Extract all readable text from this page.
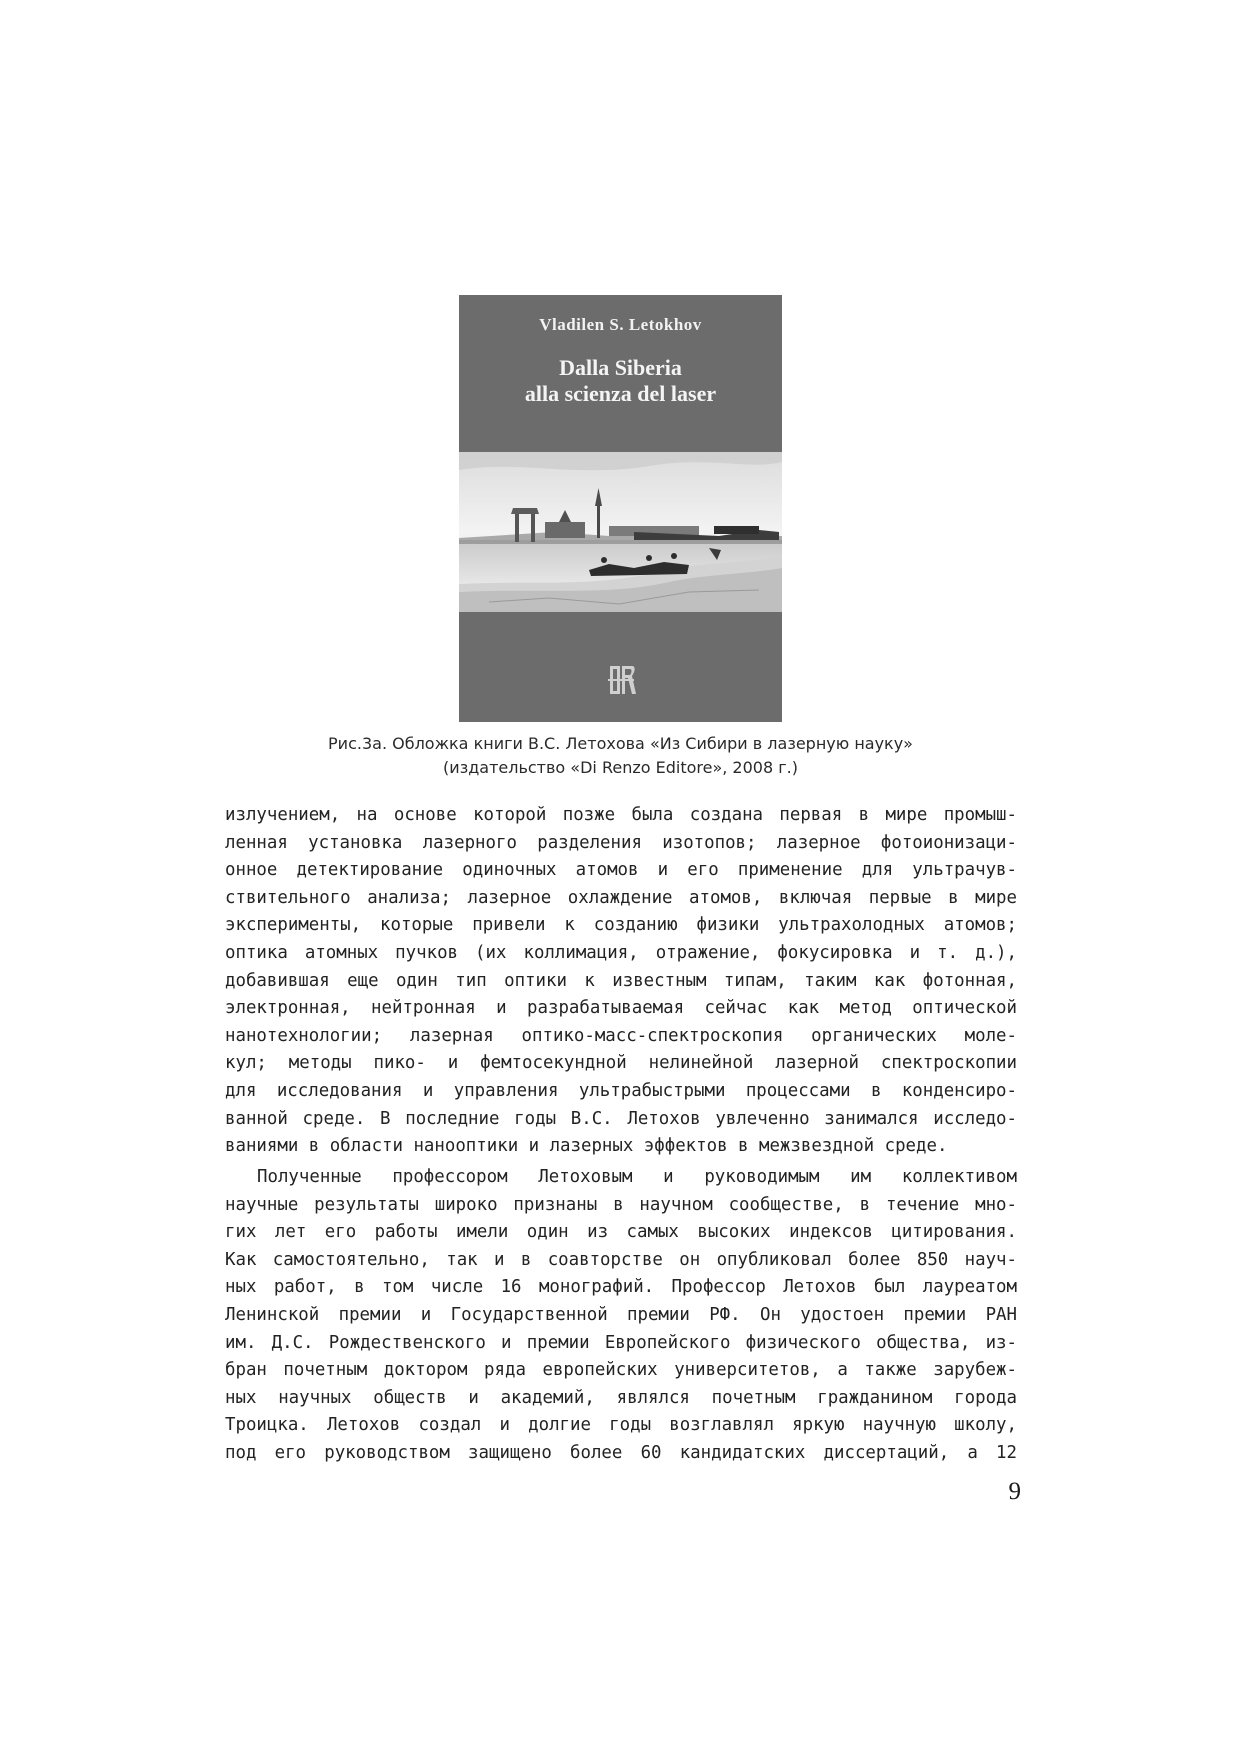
Vladilen S. Letokhov
Dalla Siberia
alla scienza del laser
Рис.3а. Обложка книги В.С. Летохова «Из Сибири в лазерную науку»
(издательство «Di Renzo Editore», 2008 г.)
излучением, на основе которой позже была создана первая в мире промыш-
ленная установка лазерного разделения изотопов; лазерное фотоионизаци-
онное детектирование одиночных атомов и его применение для ультрачув-
ствительного анализа; лазерное охлаждение атомов, включая первые в мире
эксперименты, которые привели к созданию физики ультрахолодных атомов;
оптика атомных пучков (их коллимация, отражение, фокусировка и т. д.),
добавившая еще один тип оптики к известным типам, таким как фотонная,
электронная, нейтронная и разрабатываемая сейчас как метод оптической
нанотехнологии; лазерная оптико-масс-спектроскопия органических моле-
кул; методы пико- и фемтосекундной нелинейной лазерной спектроскопии
для исследования и управления ультрабыстрыми процессами в конденсиро-
ванной среде. В последние годы В.С. Летохов увлеченно занимался исследо-
ваниями в области нанооптики и лазерных эффектов в межзвездной среде.
Полученные профессором Летоховым и руководимым им коллективом
научные результаты широко признаны в научном сообществе, в течение мно-
гих лет его работы имели один из самых высоких индексов цитирования.
Как самостоятельно, так и в соавторстве он опубликовал более 850 науч-
ных работ, в том числе 16 монографий. Профессор Летохов был лауреатом
Ленинской премии и Государственной премии РФ. Он удостоен премии РАН
им. Д.С. Рождественского и премии Европейского физического общества, из-
бран почетным доктором ряда европейских университетов, а также зарубеж-
ных научных обществ и академий, являлся почетным гражданином города
Троицка. Летохов создал и долгие годы возглавлял яркую научную школу,
под его руководством защищено более 60 кандидатских диссертаций, а 12
9
